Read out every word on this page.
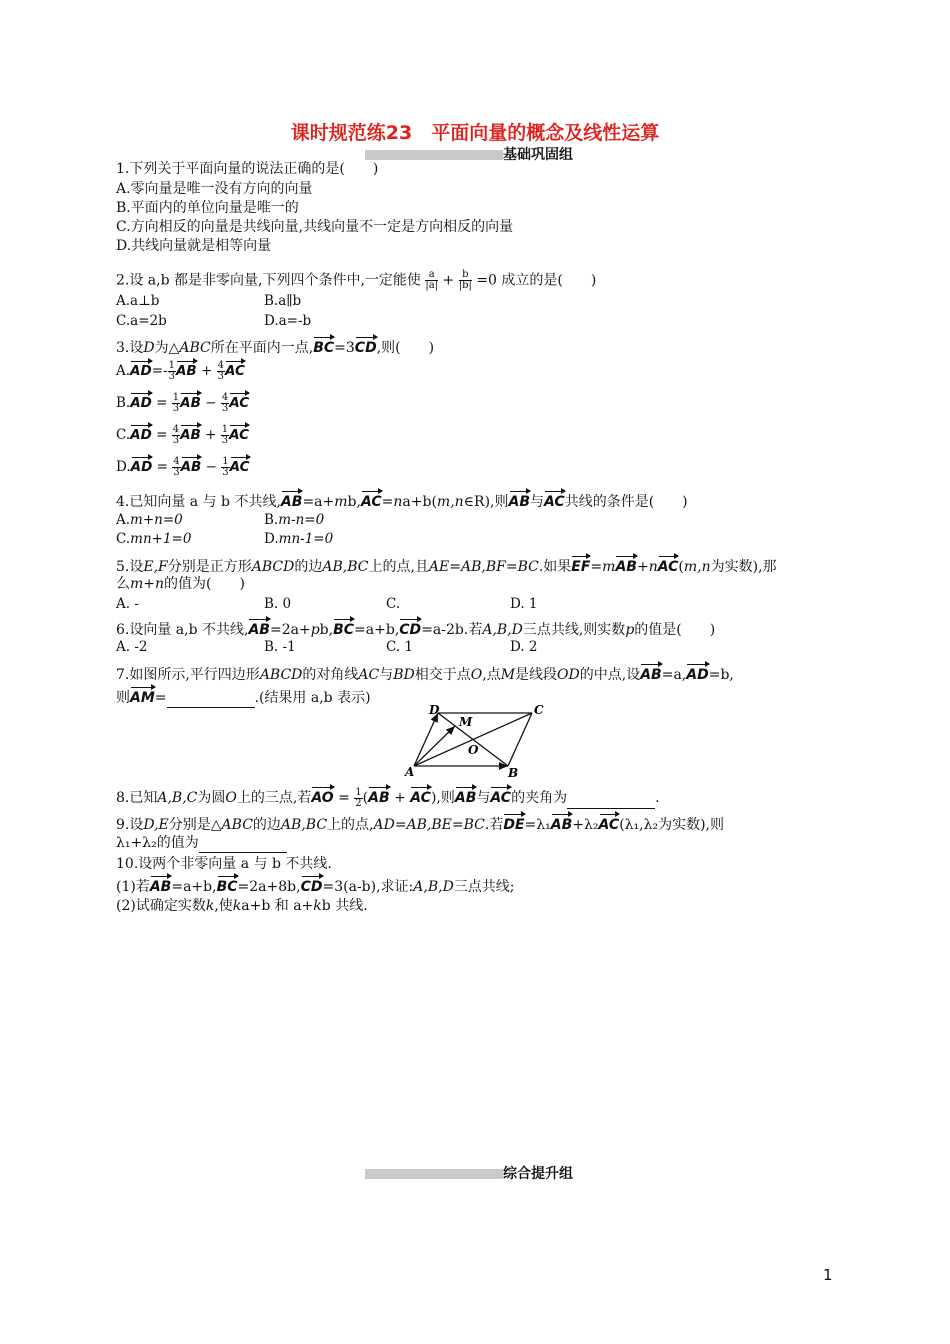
课时规范练23　平面向量的概念及线性运算
基础巩固组
1.下列关于平面向量的说法正确的是(　　)
A.零向量是唯一没有方向的向量
B.平面内的单位向量是唯一的
C.方向相反的向量是共线向量,共线向量不一定是方向相反的向量
D.共线向量就是相等向量
2.设 a,b 都是非零向量,下列四个条件中,一定能使 $\frac{a}{|a|} + \frac{b}{|b|} =0$ 成立的是(　　)
A.a⊥b	B.a∥b
C.a=2b	D.a=-b
3.设D为△ABC所在平面内一点,BC=3CD,则(　　)
$A.AD=- \frac{1}{3}$ AB + $\frac{4}{3}$ AC
$B.AD = \frac{1}{3}$ AB − $\frac{4}{3}$ AC
$C.AD = \frac{4}{3}$ AB + $\frac{1}{3}$ AC
$D.AD = \frac{4}{3}$ AB − $\frac{1}{3}$ AC
4.已知向量 a 与 b 不共线,AB=a+mb,AC=na+b(m,n∈R),则AB与AC共线的条件是(　　)
A.m+n=0	B.m-n=0
C.mn+1=0	D.mn-1=0
5.设E,F分别是正方形ABCD的边AB,BC上的点,且AE=AB,BF=BC.如果EF=mAB+nAC(m,n为实数),那
么m+n的值为(　　)
A. -	B. 0	C.	D. 1
6.设向量 a,b 不共线,AB=2a+pb,BC=a+b,CD=a-2b.若A,B,D三点共线,则实数p的值是(　　)
A. -2	B. -1	C. 1	D. 2
7.如图所示,平行四边形ABCD的对角线AC与BD相交于点O,点M是线段OD的中点,设AB=a,AD=b,
则AM=	.(结果用 a,b 表示)
A	B
C
D
M
O
8.已知A,B,C为圆O上的三点,若AO = $\frac{1}{2} (AB + AC)$,则AB与AC的夹角为	.
9.设D,E分别是△ABC的边AB,BC上的点,AD=AB,BE=BC.若DE=λ₁AB+λ₂AC(λ₁,λ₂为实数),则
λ₁+λ₂的值为
10.设两个非零向量 a 与 b 不共线.
(1)若AB=a+b,BC=2a+8b,CD=3(a-b),求证:A,B,D三点共线;
(2)试确定实数k,使ka+b 和 a+kb 共线.
综合提升组
1
